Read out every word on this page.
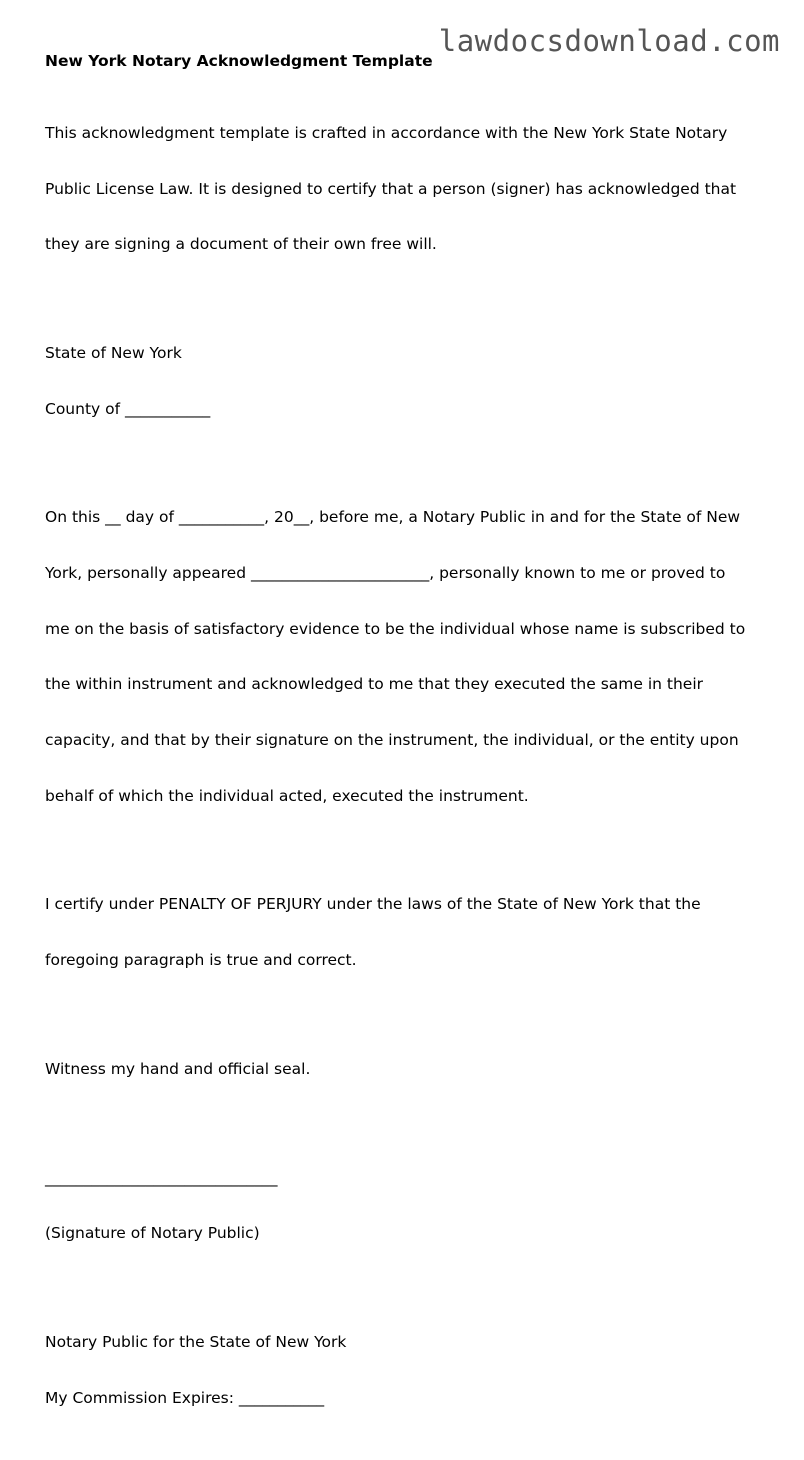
lawdocsdownload.com
New York Notary Acknowledgment Template

This acknowledgment template is crafted in accordance with the New York State Notary

Public License Law. It is designed to certify that a person (signer) has acknowledged that

they are signing a document of their own free will.

State of New York

County of ___________

On this __ day of ___________, 20__, before me, a Notary Public in and for the State of New

York, personally appeared _______________________, personally known to me or proved to

me on the basis of satisfactory evidence to be the individual whose name is subscribed to

the within instrument and acknowledged to me that they executed the same in their

capacity, and that by their signature on the instrument, the individual, or the entity upon

behalf of which the individual acted, executed the instrument.

I certify under PENALTY OF PERJURY under the laws of the State of New York that the

foregoing paragraph is true and correct.

Witness my hand and official seal.

______________________________

(Signature of Notary Public)

Notary Public for the State of New York

My Commission Expires: ___________
